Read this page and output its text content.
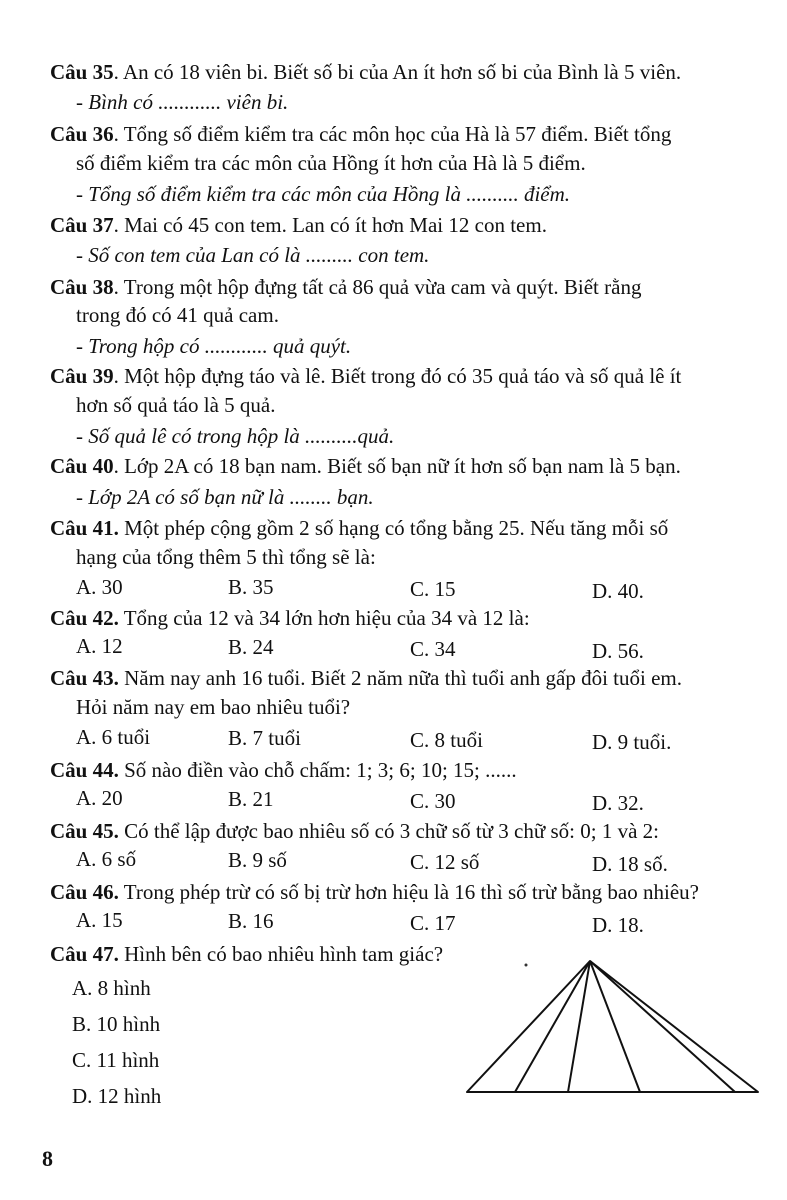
Câu 35. An có 18 viên bi. Biết số bi của An ít hơn số bi của Bình là 5 viên.
- Bình có ............ viên bi.
Câu 36. Tổng số điểm kiểm tra các môn học của Hà là 57 điểm. Biết tổng
số điểm kiểm tra các môn của Hồng ít hơn của Hà là 5 điểm.
- Tổng số điểm kiểm tra các môn của Hồng là .......... điểm.
Câu 37. Mai có 45 con tem. Lan có ít hơn Mai 12 con tem.
- Số con tem của Lan có là ......... con tem.
Câu 38. Trong một hộp đựng tất cả 86 quả vừa cam và quýt. Biết rằng
trong đó có 41 quả cam.
- Trong hộp có ............ quả quýt.
Câu 39. Một hộp đựng táo và lê. Biết trong đó có 35 quả táo và số quả lê ít
hơn số quả táo là 5 quả.
- Số quả lê có trong hộp là ..........quả.
Câu 40. Lớp 2A có 18 bạn nam. Biết số bạn nữ ít hơn số bạn nam là 5 bạn.
- Lớp 2A có số bạn nữ là ........ bạn.
Câu 41. Một phép cộng gồm 2 số hạng có tổng bằng 25. Nếu tăng mỗi số
hạng của tổng thêm 5 thì tổng sẽ là:
A. 30	B. 35	C. 15	D. 40.
Câu 42. Tổng của 12 và 34 lớn hơn hiệu của 34 và 12 là:
A. 12	B. 24	C. 34	D. 56.
Câu 43. Năm nay anh 16 tuổi. Biết 2 năm nữa thì tuổi anh gấp đôi tuổi em.
Hỏi năm nay em bao nhiêu tuổi?
A. 6 tuổi	B. 7 tuổi	C. 8 tuổi	D. 9 tuổi.
Câu 44. Số nào điền vào chỗ chấm: 1; 3; 6; 10; 15; ......
A. 20	B. 21	C. 30	D. 32.
Câu 45. Có thể lập được bao nhiêu số có 3 chữ số từ 3 chữ số: 0; 1 và 2:
A. 6 số	B. 9 số	C. 12 số	D. 18 số.
Câu 46. Trong phép trừ có số bị trừ hơn hiệu là 16 thì số trừ bằng bao nhiêu?
A. 15	B. 16	C. 17	D. 18.
Câu 47. Hình bên có bao nhiêu hình tam giác?
A. 8 hình
B. 10 hình
C. 11 hình
D. 12 hình
8
